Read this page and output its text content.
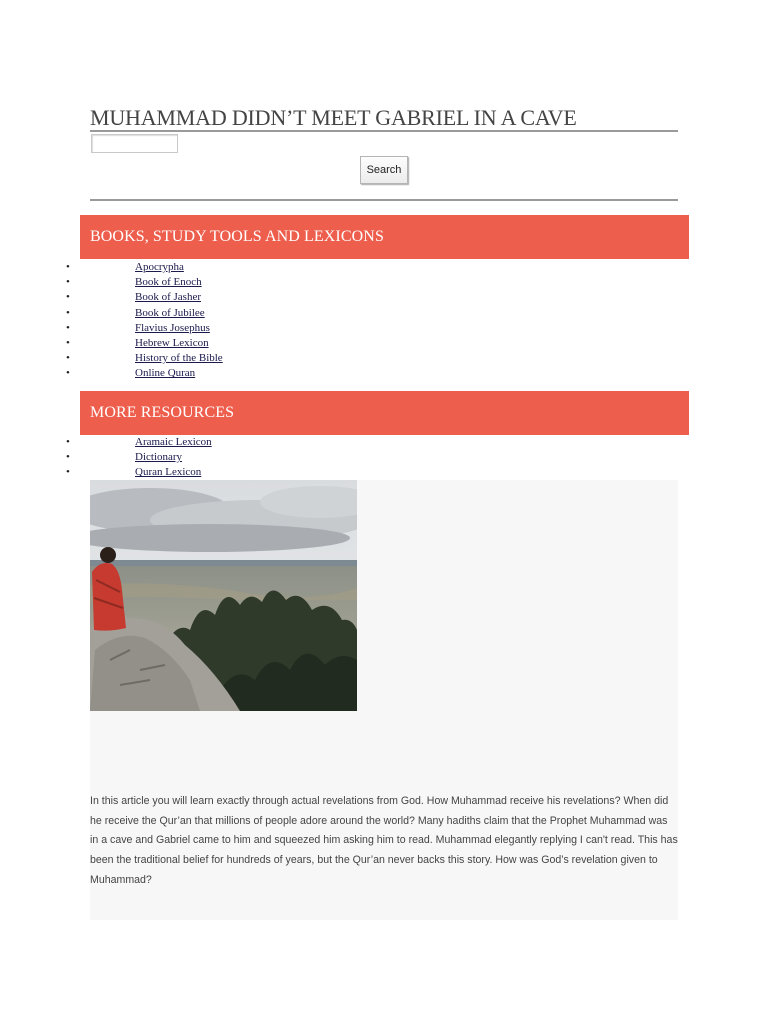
MUHAMMAD DIDN’T MEET GABRIEL IN A CAVE
Search
BOOKS, STUDY TOOLS AND LEXICONS
•	Apocrypha
•	Book of Enoch
•	Book of Jasher
•	Book of Jubilee
•	Flavius Josephus
•	Hebrew Lexicon
•	History of the Bible
•	Online Quran
MORE RESOURCES
•	Aramaic Lexicon
•	Dictionary
•	Quran Lexicon

In this article you will learn exactly through actual revelations from God. How Muhammad receive his revelations? When did he receive the Qur’an that millions of people adore around the world? Many hadiths claim that the Prophet Muhammad was in a cave and Gabriel came to him and squeezed him asking him to read. Muhammad elegantly replying I can't read. This has been the traditional belief for hundreds of years, but the Qur’an never backs this story. How was God’s revelation given to Muhammad?
